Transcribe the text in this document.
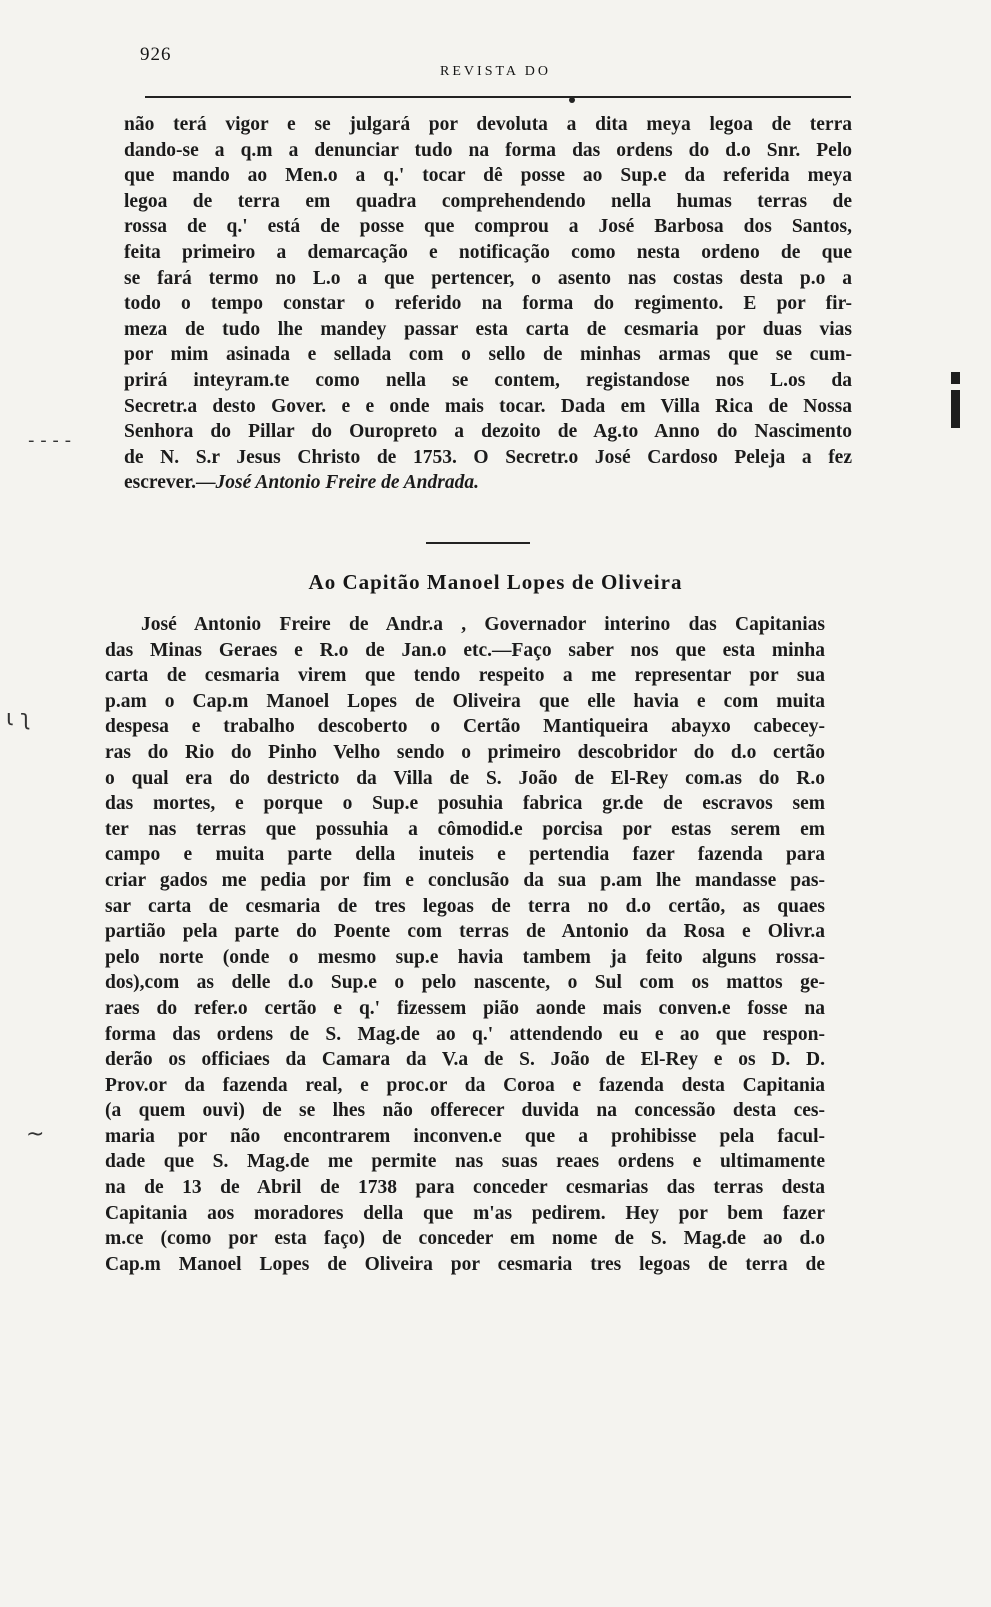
926
REVISTA DO
não terá vigor e se julgará por devoluta a dita meya legoa de terra
dando-se a q.m a denunciar tudo na forma das ordens do d.o Snr. Pelo
que mando ao Men.o a q.' tocar dê posse ao Sup.e da referida meya
legoa de terra em quadra comprehendendo nella humas terras de
rossa de q.' está de posse que comprou a José Barbosa dos Santos,
feita primeiro a demarcação e notificação como nesta ordeno de que
se fará termo no L.o a que pertencer, o asento nas costas desta p.o a
todo o tempo constar o referido na forma do regimento. E por fir-
meza de tudo lhe mandey passar esta carta de cesmaria por duas vias
por mim asinada e sellada com o sello de minhas armas que se cum-
prirá inteyram.te como nella se contem, registandose nos L.os da
Secretr.a desto Gover. e e onde mais tocar. Dada em Villa Rica de Nossa
Senhora do Pillar do Ouropreto a dezoito de Ag.to Anno do Nascimento
de N. S.r Jesus Christo de 1753. O Secretr.o José Cardoso Peleja a fez
escrever.—José Antonio Freire de Andrada.
Ao Capitão Manoel Lopes de Oliveira
José Antonio Freire de Andr.a , Governador interino das Capitanias
das Minas Geraes e R.o de Jan.o etc.—Faço saber nos que esta minha
carta de cesmaria virem que tendo respeito a me representar por sua
p.am o Cap.m Manoel Lopes de Oliveira que elle havia e com muita
despesa e trabalho descoberto o Certão Mantiqueira abayxo cabecey-
ras do Rio do Pinho Velho sendo o primeiro descobridor do d.o certão
o qual era do destricto da Villa de S. João de El-Rey com.as do R.o
das mortes, e porque o Sup.e posuhia fabrica gr.de de escravos sem
ter nas terras que possuhia a cômodid.e porcisa por estas serem em
campo e muita parte della inuteis e pertendia fazer fazenda para
criar gados me pedia por fim e conclusão da sua p.am lhe mandasse pas-
sar carta de cesmaria de tres legoas de terra no d.o certão, as quaes
partião pela parte do Poente com terras de Antonio da Rosa e Olivr.a
pelo norte (onde o mesmo sup.e havia tambem ja feito alguns rossa-
dos),com as delle d.o Sup.e o pelo nascente, o Sul com os mattos ge-
raes do refer.o certão e q.' fizessem pião aonde mais conven.e fosse na
forma das ordens de S. Mag.de ao q.' attendendo eu e ao que respon-
derão os officiaes da Camara da V.a de S. João de El-Rey e os D. D.
Prov.or da fazenda real, e proc.or da Coroa e fazenda desta Capitania
(a quem ouvi) de se lhes não offerecer duvida na concessão desta ces-
maria por não encontrarem inconven.e que a prohibisse pela facul-
dade que S. Mag.de me permite nas suas reaes ordens e ultimamente
na de 13 de Abril de 1738 para conceder cesmarias das terras desta
Capitania aos moradores della que m'as pedirem. Hey por bem fazer
m.ce (como por esta faço) de conceder em nome de S. Mag.de ao d.o
Cap.m Manoel Lopes de Oliveira por cesmaria tres legoas de terra de
- - - -
ι ʅ
~
